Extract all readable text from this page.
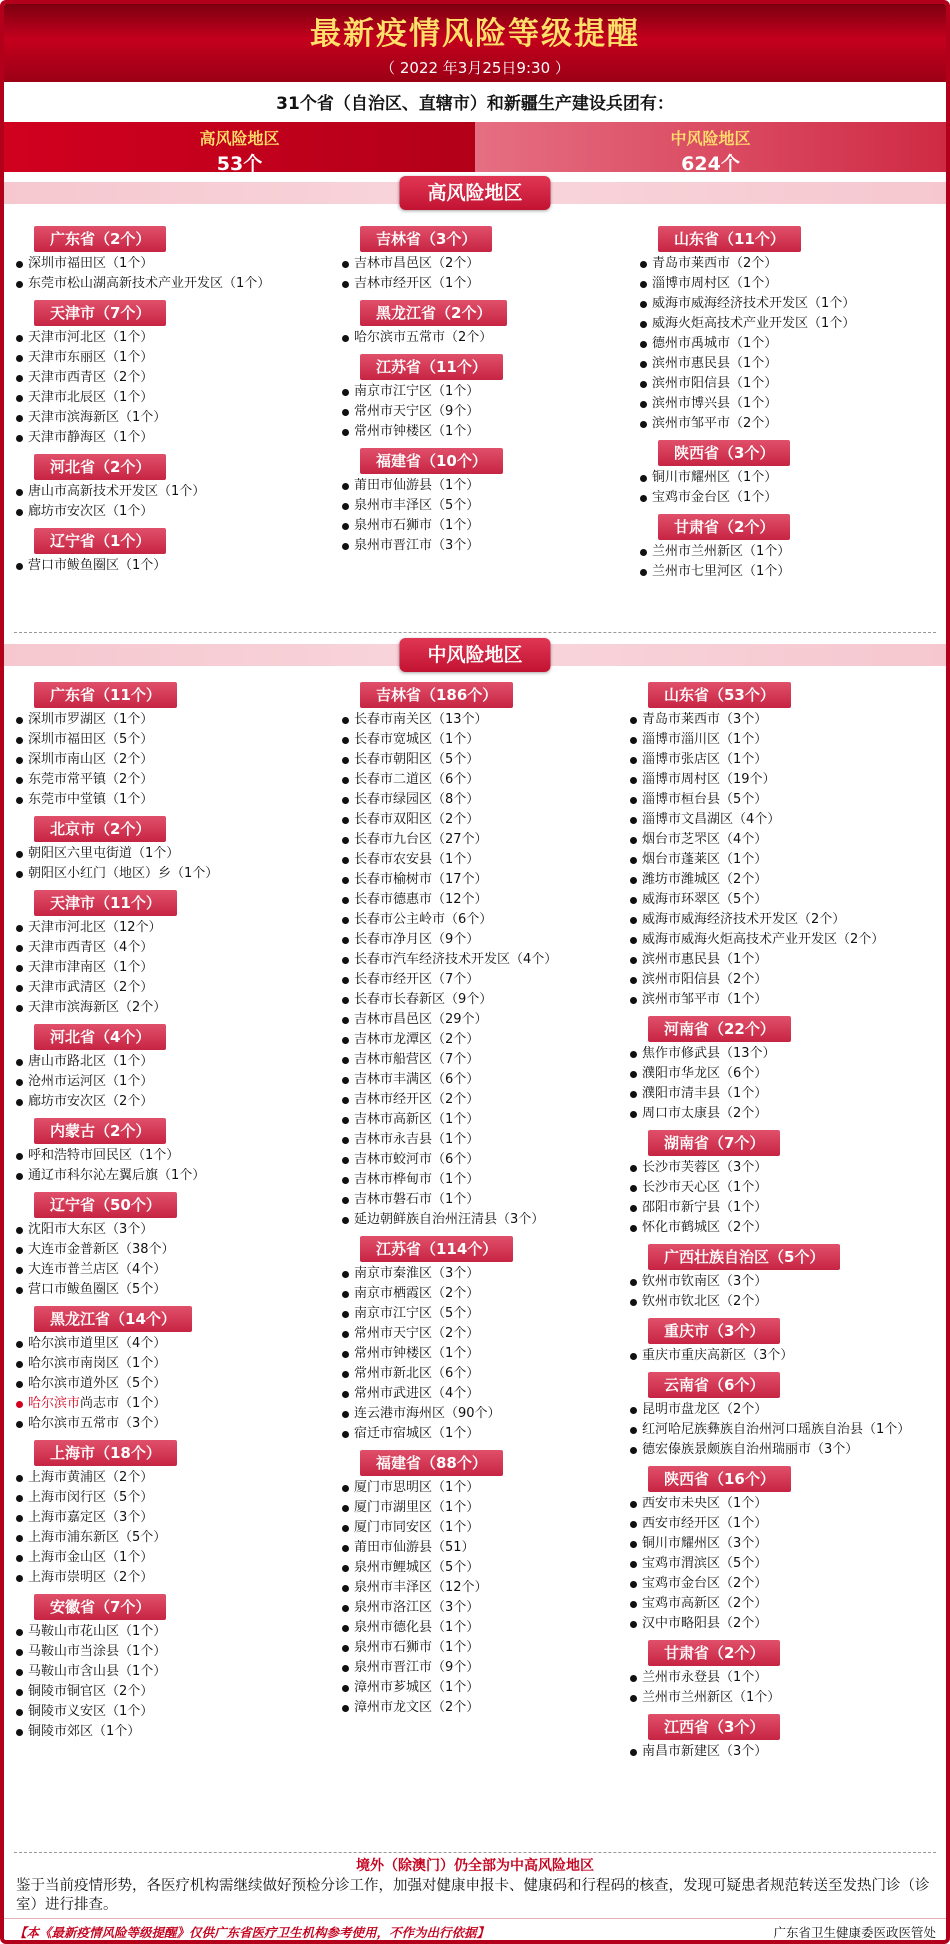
最新疫情风险等级提醒
（ 2022 年3月25日9:30 ）
31个省（自治区、直辖市）和新疆生产建设兵团有：
高风险地区
53个
中风险地区
624个
高风险地区
广东省（2个）
深圳市福田区（1个）
东莞市松山湖高新技术产业开发区（1个）
天津市（7个）
天津市河北区（1个）
天津市东丽区（1个）
天津市西青区（2个）
天津市北辰区（1个）
天津市滨海新区（1个）
天津市静海区（1个）
河北省（2个）
唐山市高新技术开发区（1个）
廊坊市安次区（1个）
辽宁省（1个）
营口市鲅鱼圈区（1个）
吉林省（3个）
吉林市昌邑区（2个）
吉林市经开区（1个）
黑龙江省（2个）
哈尔滨市五常市（2个）
江苏省（11个）
南京市江宁区（1个）
常州市天宁区（9个）
常州市钟楼区（1个）
福建省（10个）
莆田市仙游县（1个）
泉州市丰泽区（5个）
泉州市石狮市（1个）
泉州市晋江市（3个）
山东省（11个）
青岛市莱西市（2个）
淄博市周村区（1个）
威海市威海经济技术开发区（1个）
威海火炬高技术产业开发区（1个）
德州市禹城市（1个）
滨州市惠民县（1个）
滨州市阳信县（1个）
滨州市博兴县（1个）
滨州市邹平市（2个）
陕西省（3个）
铜川市耀州区（1个）
宝鸡市金台区（1个）
甘肃省（2个）
兰州市兰州新区（1个）
兰州市七里河区（1个）
中风险地区
广东省（11个）
深圳市罗湖区（1个）
深圳市福田区（5个）
深圳市南山区（2个）
东莞市常平镇（2个）
东莞市中堂镇（1个）
北京市（2个）
朝阳区六里屯街道（1个）
朝阳区小红门（地区）乡（1个）
天津市（11个）
天津市河北区（12个）
天津市西青区（4个）
天津市津南区（1个）
天津市武清区（2个）
天津市滨海新区（2个）
河北省（4个）
唐山市路北区（1个）
沧州市运河区（1个）
廊坊市安次区（2个）
内蒙古（2个）
呼和浩特市回民区（1个）
通辽市科尔沁左翼后旗（1个）
辽宁省（50个）
沈阳市大东区（3个）
大连市金普新区（38个）
大连市普兰店区（4个）
营口市鲅鱼圈区（5个）
黑龙江省（14个）
哈尔滨市道里区（4个）
哈尔滨市南岗区（1个）
哈尔滨市道外区（5个）
哈尔滨市尚志市（1个）
哈尔滨市五常市（3个）
上海市（18个）
上海市黄浦区（2个）
上海市闵行区（5个）
上海市嘉定区（3个）
上海市浦东新区（5个）
上海市金山区（1个）
上海市崇明区（2个）
安徽省（7个）
马鞍山市花山区（1个）
马鞍山市当涂县（1个）
马鞍山市含山县（1个）
铜陵市铜官区（2个）
铜陵市义安区（1个）
铜陵市郊区（1个）
吉林省（186个）
长春市南关区（13个）
长春市宽城区（1个）
长春市朝阳区（5个）
长春市二道区（6个）
长春市绿园区（8个）
长春市双阳区（2个）
长春市九台区（27个）
长春市农安县（1个）
长春市榆树市（17个）
长春市德惠市（12个）
长春市公主岭市（6个）
长春市净月区（9个）
长春市汽车经济技术开发区（4个）
长春市经开区（7个）
长春市长春新区（9个）
吉林市昌邑区（29个）
吉林市龙潭区（2个）
吉林市船营区（7个）
吉林市丰满区（6个）
吉林市经开区（2个）
吉林市高新区（1个）
吉林市永吉县（1个）
吉林市蛟河市（6个）
吉林市桦甸市（1个）
吉林市磐石市（1个）
延边朝鲜族自治州汪清县（3个）
江苏省（114个）
南京市秦淮区（3个）
南京市栖霞区（2个）
南京市江宁区（5个）
常州市天宁区（2个）
常州市钟楼区（1个）
常州市新北区（6个）
常州市武进区（4个）
连云港市海州区（90个）
宿迁市宿城区（1个）
福建省（88个）
厦门市思明区（1个）
厦门市湖里区（1个）
厦门市同安区（1个）
莆田市仙游县（51）
泉州市鲤城区（5个）
泉州市丰泽区（12个）
泉州市洛江区（3个）
泉州市德化县（1个）
泉州市石狮市（1个）
泉州市晋江市（9个）
漳州市芗城区（1个）
漳州市龙文区（2个）
山东省（53个）
青岛市莱西市（3个）
淄博市淄川区（1个）
淄博市张店区（1个）
淄博市周村区（19个）
淄博市桓台县（5个）
淄博市文昌湖区（4个）
烟台市芝罘区（4个）
烟台市蓬莱区（1个）
潍坊市潍城区（2个）
威海市环翠区（5个）
威海市威海经济技术开发区（2个）
威海市威海火炬高技术产业开发区（2个）
滨州市惠民县（1个）
滨州市阳信县（2个）
滨州市邹平市（1个）
河南省（22个）
焦作市修武县（13个）
濮阳市华龙区（6个）
濮阳市清丰县（1个）
周口市太康县（2个）
湖南省（7个）
长沙市芙蓉区（3个）
长沙市天心区（1个）
邵阳市新宁县（1个）
怀化市鹤城区（2个）
广西壮族自治区（5个）
钦州市钦南区（3个）
钦州市钦北区（2个）
重庆市（3个）
重庆市重庆高新区（3个）
云南省（6个）
昆明市盘龙区（2个）
红河哈尼族彝族自治州河口瑶族自治县（1个）
德宏傣族景颇族自治州瑞丽市（3个）
陕西省（16个）
西安市未央区（1个）
西安市经开区（1个）
铜川市耀州区（3个）
宝鸡市渭滨区（5个）
宝鸡市金台区（2个）
宝鸡市高新区（2个）
汉中市略阳县（2个）
甘肃省（2个）
兰州市永登县（1个）
兰州市兰州新区（1个）
江西省（3个）
南昌市新建区（3个）
境外（除澳门）仍全部为中高风险地区
鉴于当前疫情形势，各医疗机构需继续做好预检分诊工作，加强对健康申报卡、健康码和行程码的核查，发现可疑患者规范转送至发热门诊（诊室）进行排查。
【本《最新疫情风险等级提醒》仅供广东省医疗卫生机构参考使用，不作为出行依据】	广东省卫生健康委医政医管处
